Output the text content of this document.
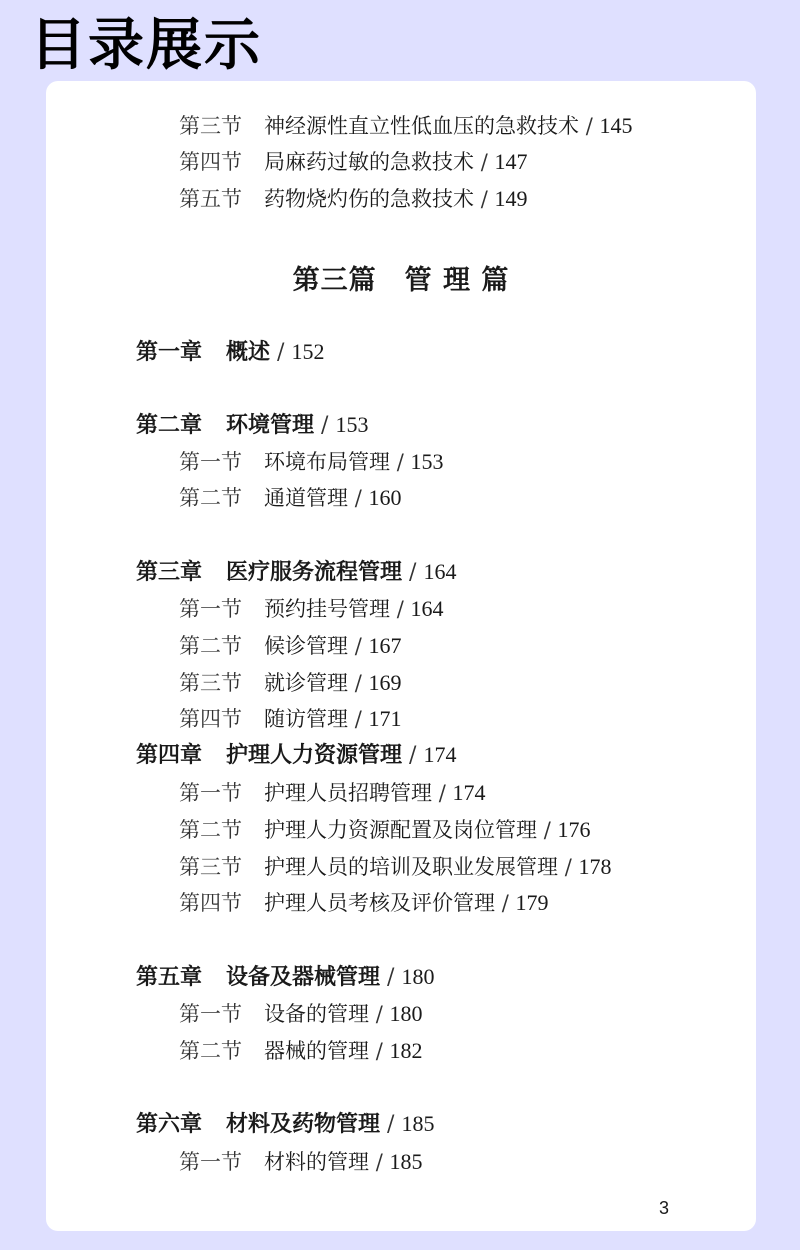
目录展示
第三节 神经源性直立性低血压的急救技术 / 145
第四节 局麻药过敏的急救技术 / 147
第五节 药物烧灼伤的急救技术 / 149
第三篇　管 理 篇
第一章 概述 / 152
第二章 环境管理 / 153
第一节 环境布局管理 / 153
第二节 通道管理 / 160
第三章 医疗服务流程管理 / 164
第一节 预约挂号管理 / 164
第二节 候诊管理 / 167
第三节 就诊管理 / 169
第四节 随访管理 / 171
第四章 护理人力资源管理 / 174
第一节 护理人员招聘管理 / 174
第二节 护理人力资源配置及岗位管理 / 176
第三节 护理人员的培训及职业发展管理 / 178
第四节 护理人员考核及评价管理 / 179
第五章 设备及器械管理 / 180
第一节 设备的管理 / 180
第二节 器械的管理 / 182
第六章 材料及药物管理 / 185
第一节 材料的管理 / 185
3
